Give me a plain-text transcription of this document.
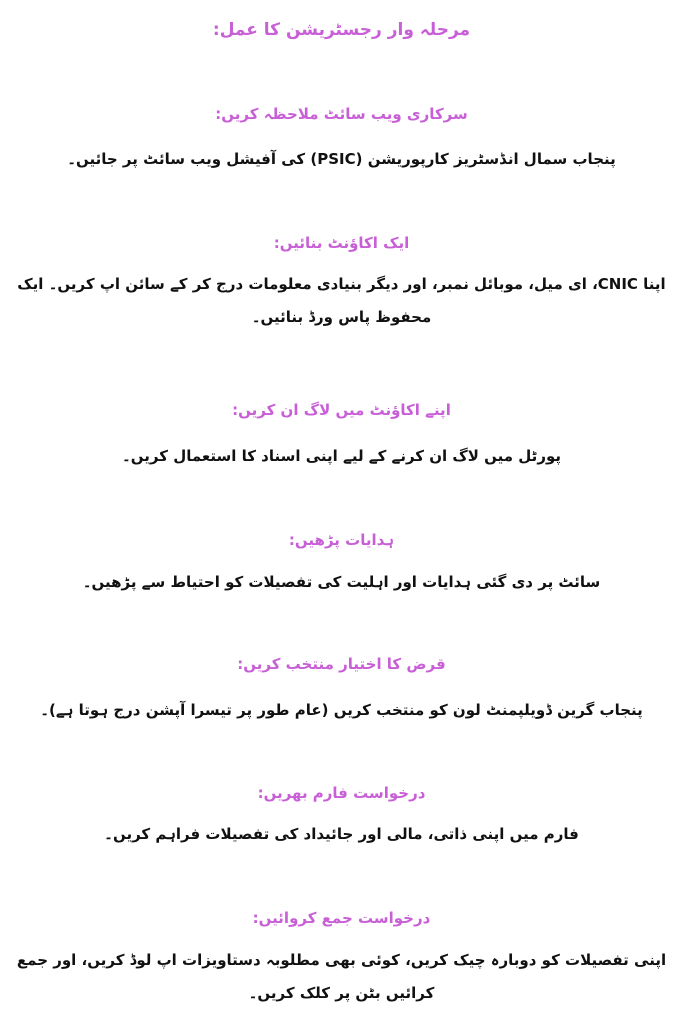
مرحلہ وار رجسٹریشن کا عمل:
سرکاری ویب سائٹ ملاحظہ کریں:

پنجاب سمال انڈسٹریز کارپوریشن (PSIC) کی آفیشل ویب سائٹ پر جائیں۔

ایک اکاؤنٹ بنائیں:

اپنا CNIC، ای میل، موبائل نمبر، اور دیگر بنیادی معلومات درج کر کے سائن اپ کریں۔ ایک محفوظ پاس ورڈ بنائیں۔

اپنے اکاؤنٹ میں لاگ ان کریں:

پورٹل میں لاگ ان کرنے کے لیے اپنی اسناد کا استعمال کریں۔

ہدایات پڑھیں:

سائٹ پر دی گئی ہدایات اور اہلیت کی تفصیلات کو احتیاط سے پڑھیں۔

قرض کا اختیار منتخب کریں:

پنجاب گرین ڈویلپمنٹ لون کو منتخب کریں (عام طور پر تیسرا آپشن درج ہوتا ہے)۔

درخواست فارم بھریں:

فارم میں اپنی ذاتی، مالی اور جائیداد کی تفصیلات فراہم کریں۔

درخواست جمع کروائیں:

اپنی تفصیلات کو دوبارہ چیک کریں، کوئی بھی مطلوبہ دستاویزات اپ لوڈ کریں، اور جمع کرائیں بٹن پر کلک کریں۔
